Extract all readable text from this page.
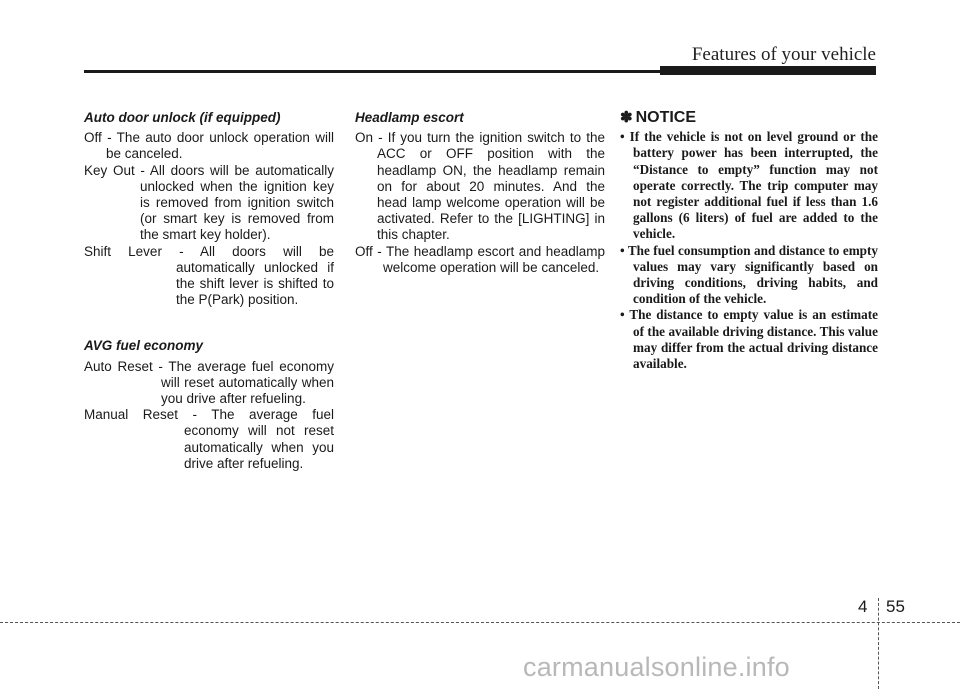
Features of your vehicle
Auto door unlock (if equipped)
Off - The auto door unlock operation will be canceled.
Key Out - All doors will be automatically unlocked when the ignition key is removed from ignition switch (or smart key is removed from the smart key holder).
Shift Lever - All doors will be automatically unlocked if the shift lever is shifted to the P(Park) position.
AVG fuel economy
Auto Reset - The average fuel economy will reset automatically when you drive after refueling.
Manual Reset - The average fuel economy will not reset automatically when you drive after refueling.
Headlamp escort
On - If you turn the ignition switch to the ACC or OFF position with the headlamp ON, the headlamp remain on for about 20 minutes. And the head lamp welcome operation will be activated. Refer to the [LIGHTING] in this chapter.
Off - The headlamp escort and headlamp welcome operation will be canceled.
✽ NOTICE
• If the vehicle is not on level ground or the battery power has been interrupted, the “Distance to empty” function may not operate correctly. The trip computer may not register additional fuel if less than 1.6 gallons (6 liters) of fuel are added to the vehicle.
• The fuel consumption and distance to empty values may vary significantly based on driving conditions, driving habits, and condition of the vehicle.
• The distance to empty value is an estimate of the available driving distance. This value may differ from the actual driving distance available.
4 55
carmanualsonline.info
